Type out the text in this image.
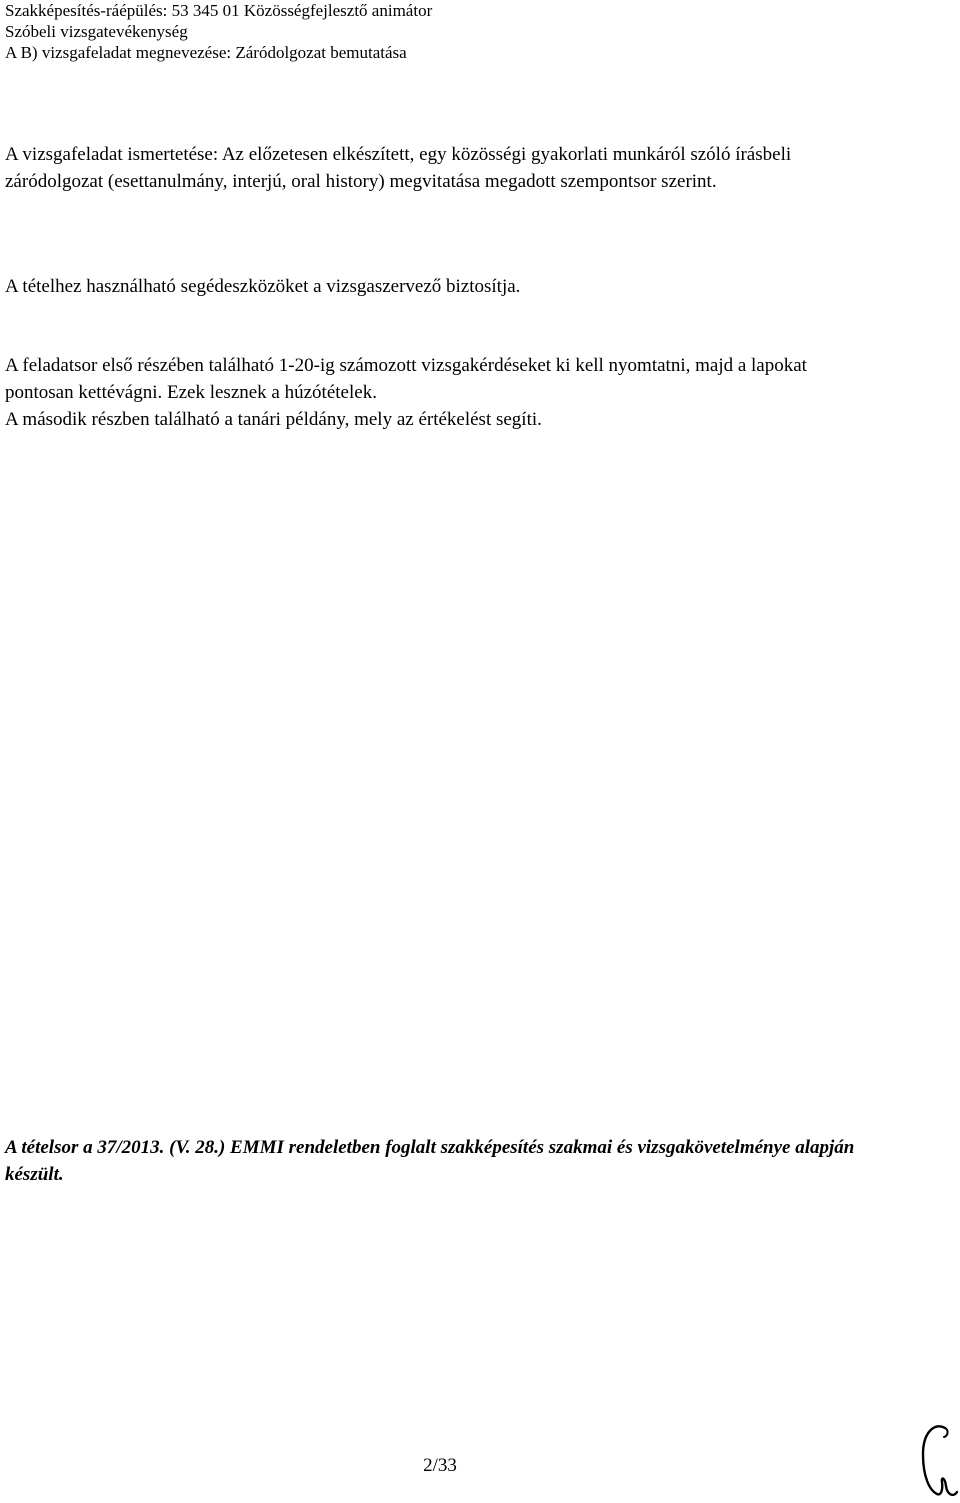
Szakképesítés-ráépülés: 53 345 01 Közösségfejlesztő animátor
Szóbeli vizsgatevékenység
A B) vizsgafeladat megnevezése: Záródolgozat bemutatása
A vizsgafeladat ismertetése: Az előzetesen elkészített, egy közösségi gyakorlati munkáról szóló írásbeli záródolgozat (esettanulmány, interjú, oral history) megvitatása megadott szempontsor szerint.
A tételhez használható segédeszközöket a vizsgaszervező biztosítja.
A feladatsor első részében található 1-20-ig számozott vizsgakérdéseket ki kell nyomtatni, majd a lapokat pontosan kettévágni. Ezek lesznek a húzótételek.
A második részben található a tanári példány, mely az értékelést segíti.
A tételsor a 37/2013. (V. 28.) EMMI rendeletben foglalt szakképesítés szakmai és vizsgakövetelménye alapján készült.
2/33
